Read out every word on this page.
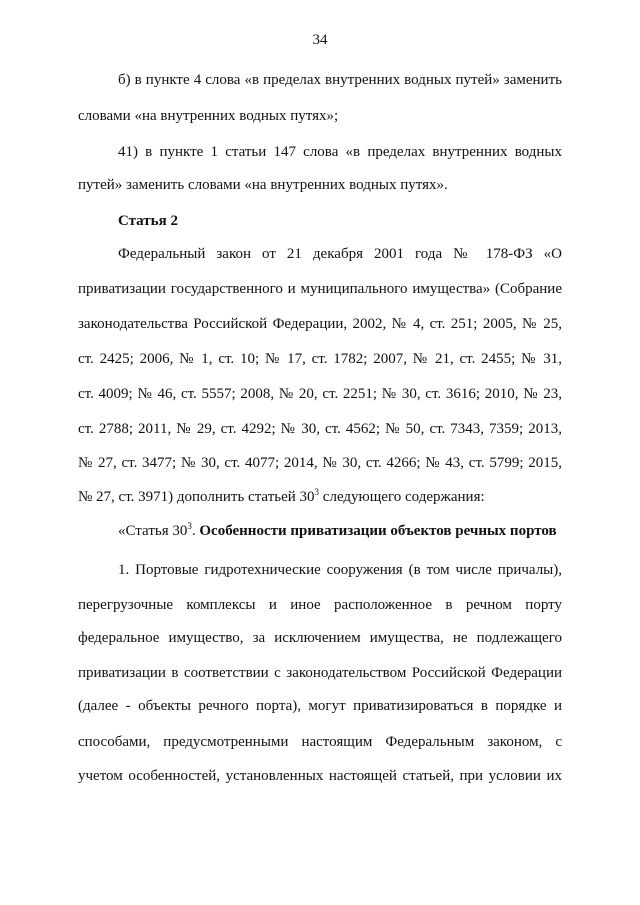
34
б) в пункте 4 слова «в пределах внутренних водных путей» заменить
словами «на внутренних водных путях»;
41) в пункте 1 статьи 147 слова «в пределах внутренних водных
путей» заменить словами «на внутренних водных путях».
Статья 2
Федеральный закон от 21 декабря 2001 года № 178-ФЗ «О
приватизации государственного и муниципального имущества» (Собрание
законодательства Российской Федерации, 2002, № 4, ст. 251; 2005, № 25,
ст. 2425; 2006, № 1, ст. 10; № 17, ст. 1782; 2007, № 21, ст. 2455; № 31,
ст. 4009; № 46, ст. 5557; 2008, № 20, ст. 2251; № 30, ст. 3616; 2010, № 23,
ст. 2788; 2011, № 29, ст. 4292; № 30, ст. 4562; № 50, ст. 7343, 7359; 2013,
№ 27, ст. 3477; № 30, ст. 4077; 2014, № 30, ст. 4266; № 43, ст. 5799; 2015,
№ 27, ст. 3971) дополнить статьей $30^3$ следующего содержания:
«Статья $30^3$. Особенности приватизации объектов речных портов
1. Портовые гидротехнические сооружения (в том числе причалы),
перегрузочные комплексы и иное расположенное в речном порту
федеральное имущество, за исключением имущества, не подлежащего
приватизации в соответствии с законодательством Российской Федерации
(далее - объекты речного порта), могут приватизироваться в порядке и
способами, предусмотренными настоящим Федеральным законом, с
учетом особенностей, установленных настоящей статьей, при условии их
